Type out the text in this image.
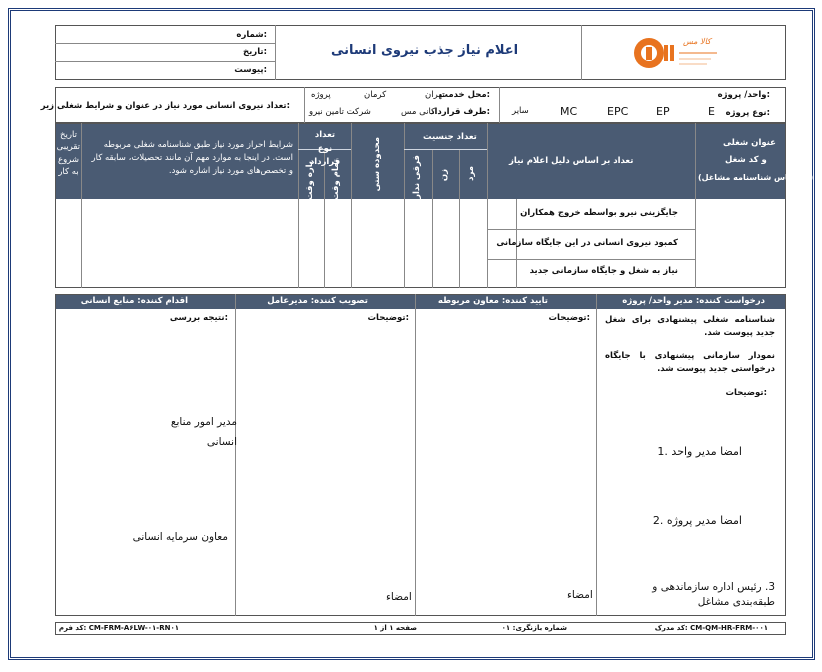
شماره:
تاریخ:
پیوست:
اعلام نیاز جذب نیروی انسانی
کالا مس
واحد/ پروژه:
نوع پروژه:
E
EP
EPC
MC
سایر
محل خدمت:
تهران
کرمان
پروژه
طرف قرارداد:
کانی مس
شرکت تامین نیرو
تعداد نیروی انسانی مورد نیاز در عنوان و شرایط شغلی زیر:
عنوان شغلی
و کد شغل
(بر اساس شناسنامه مشاغل)
تعداد بر اساس دلیل اعلام نیاز
تعداد جنسیت
مرد
زن
فرقی ندارد
محدوده سنی
تعداد نوع قرارداد
تمام وقت
پاره وقت
شرایط احراز مورد نیاز طبق شناسنامه شغلی مربوطه است. در اینجا به موارد مهم آن مانند تحصیلات، سابقه کار و تخصص‌های مورد نیاز اشاره شود.
تاریخ تقریبی شروع به کار
جایگزینی نیرو بواسطه خروج همکاران
کمبود نیروی انسانی در این جایگاه سازمانی
نیاز به شغل و جایگاه سازمانی جدید
درخواست کننده: مدیر واحد/ پروژه
تایید کننده: معاون مربوطه
تصویب کننده: مدیرعامل
اقدام کننده: منابع انسانی
شناسنامه شغلی پیشنهادی برای شغل جدید پیوست شد.
نمودار سازمانی پیشنهادی با جایگاه درخواستی جدید پیوست شد.
توضیحات:
1. امضا مدیر واحد
2. امضا مدیر پروژه
3. رئیس اداره سازماندهی و طبقه‌بندی مشاغل
توضیحات:
امضاء
توضیحات:
امضاء
نتیجه بررسی:
مدیر امور منابع انسانی
معاون سرمایه انسانی
کد مدرک: CM-QM-HR-FRM-۰۰۱
شماره بازنگری: ۰۱
صفحه ۱ از ۱
کد فرم: CM-FRM-A۶LW-۰۱-RN۰۱
